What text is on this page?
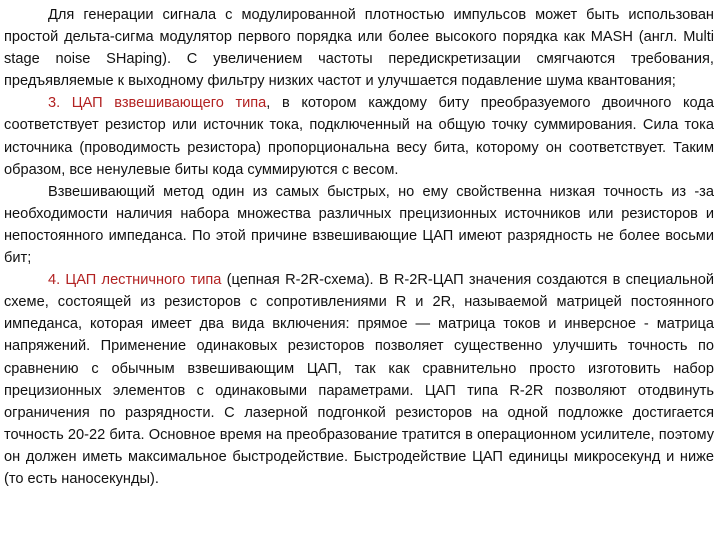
Для генерации сигнала с модулированной плотностью импульсов может быть использован простой дельта-сигма модулятор первого порядка или более высокого порядка как MASH (англ. Multi stage noise SHaping). С увеличением частоты передискретизации смягчаются требования, предъявляемые к выходному фильтру низких частот и улучшается подавление шума квантования;

3. ЦАП взвешивающего типа, в котором каждому биту преобразуемого двоичного кода соответствует резистор или источник тока, подключенный на общую точку суммирования. Сила тока источника (проводимость резистора) пропорциональна весу бита, которому он соответствует. Таким образом, все ненулевые биты кода суммируются с весом.

Взвешивающий метод один из самых быстрых, но ему свойственна низкая точность из -за необходимости наличия набора множества различных прецизионных источников или резисторов и непостоянного импеданса. По этой причине взвешивающие ЦАП имеют разрядность не более восьми бит;

4. ЦАП лестничного типа (цепная R-2R-схема). В R-2R-ЦАП значения создаются в специальной схеме, состоящей из резисторов с сопротивлениями R и 2R, называемой матрицей постоянного импеданса, которая имеет два вида включения: прямое — матрица токов и инверсное - матрица напряжений. Применение одинаковых резисторов позволяет существенно улучшить точность по сравнению с обычным взвешивающим ЦАП, так как сравнительно просто изготовить набор прецизионных элементов с одинаковыми параметрами. ЦАП типа R-2R позволяют отодвинуть ограничения по разрядности. С лазерной подгонкой резисторов на одной подложке достигается точность 20-22 бита. Основное время на преобразование тратится в операционном усилителе, поэтому он должен иметь максимальное быстродействие. Быстродействие ЦАП единицы микросекунд и ниже (то есть наносекунды).
